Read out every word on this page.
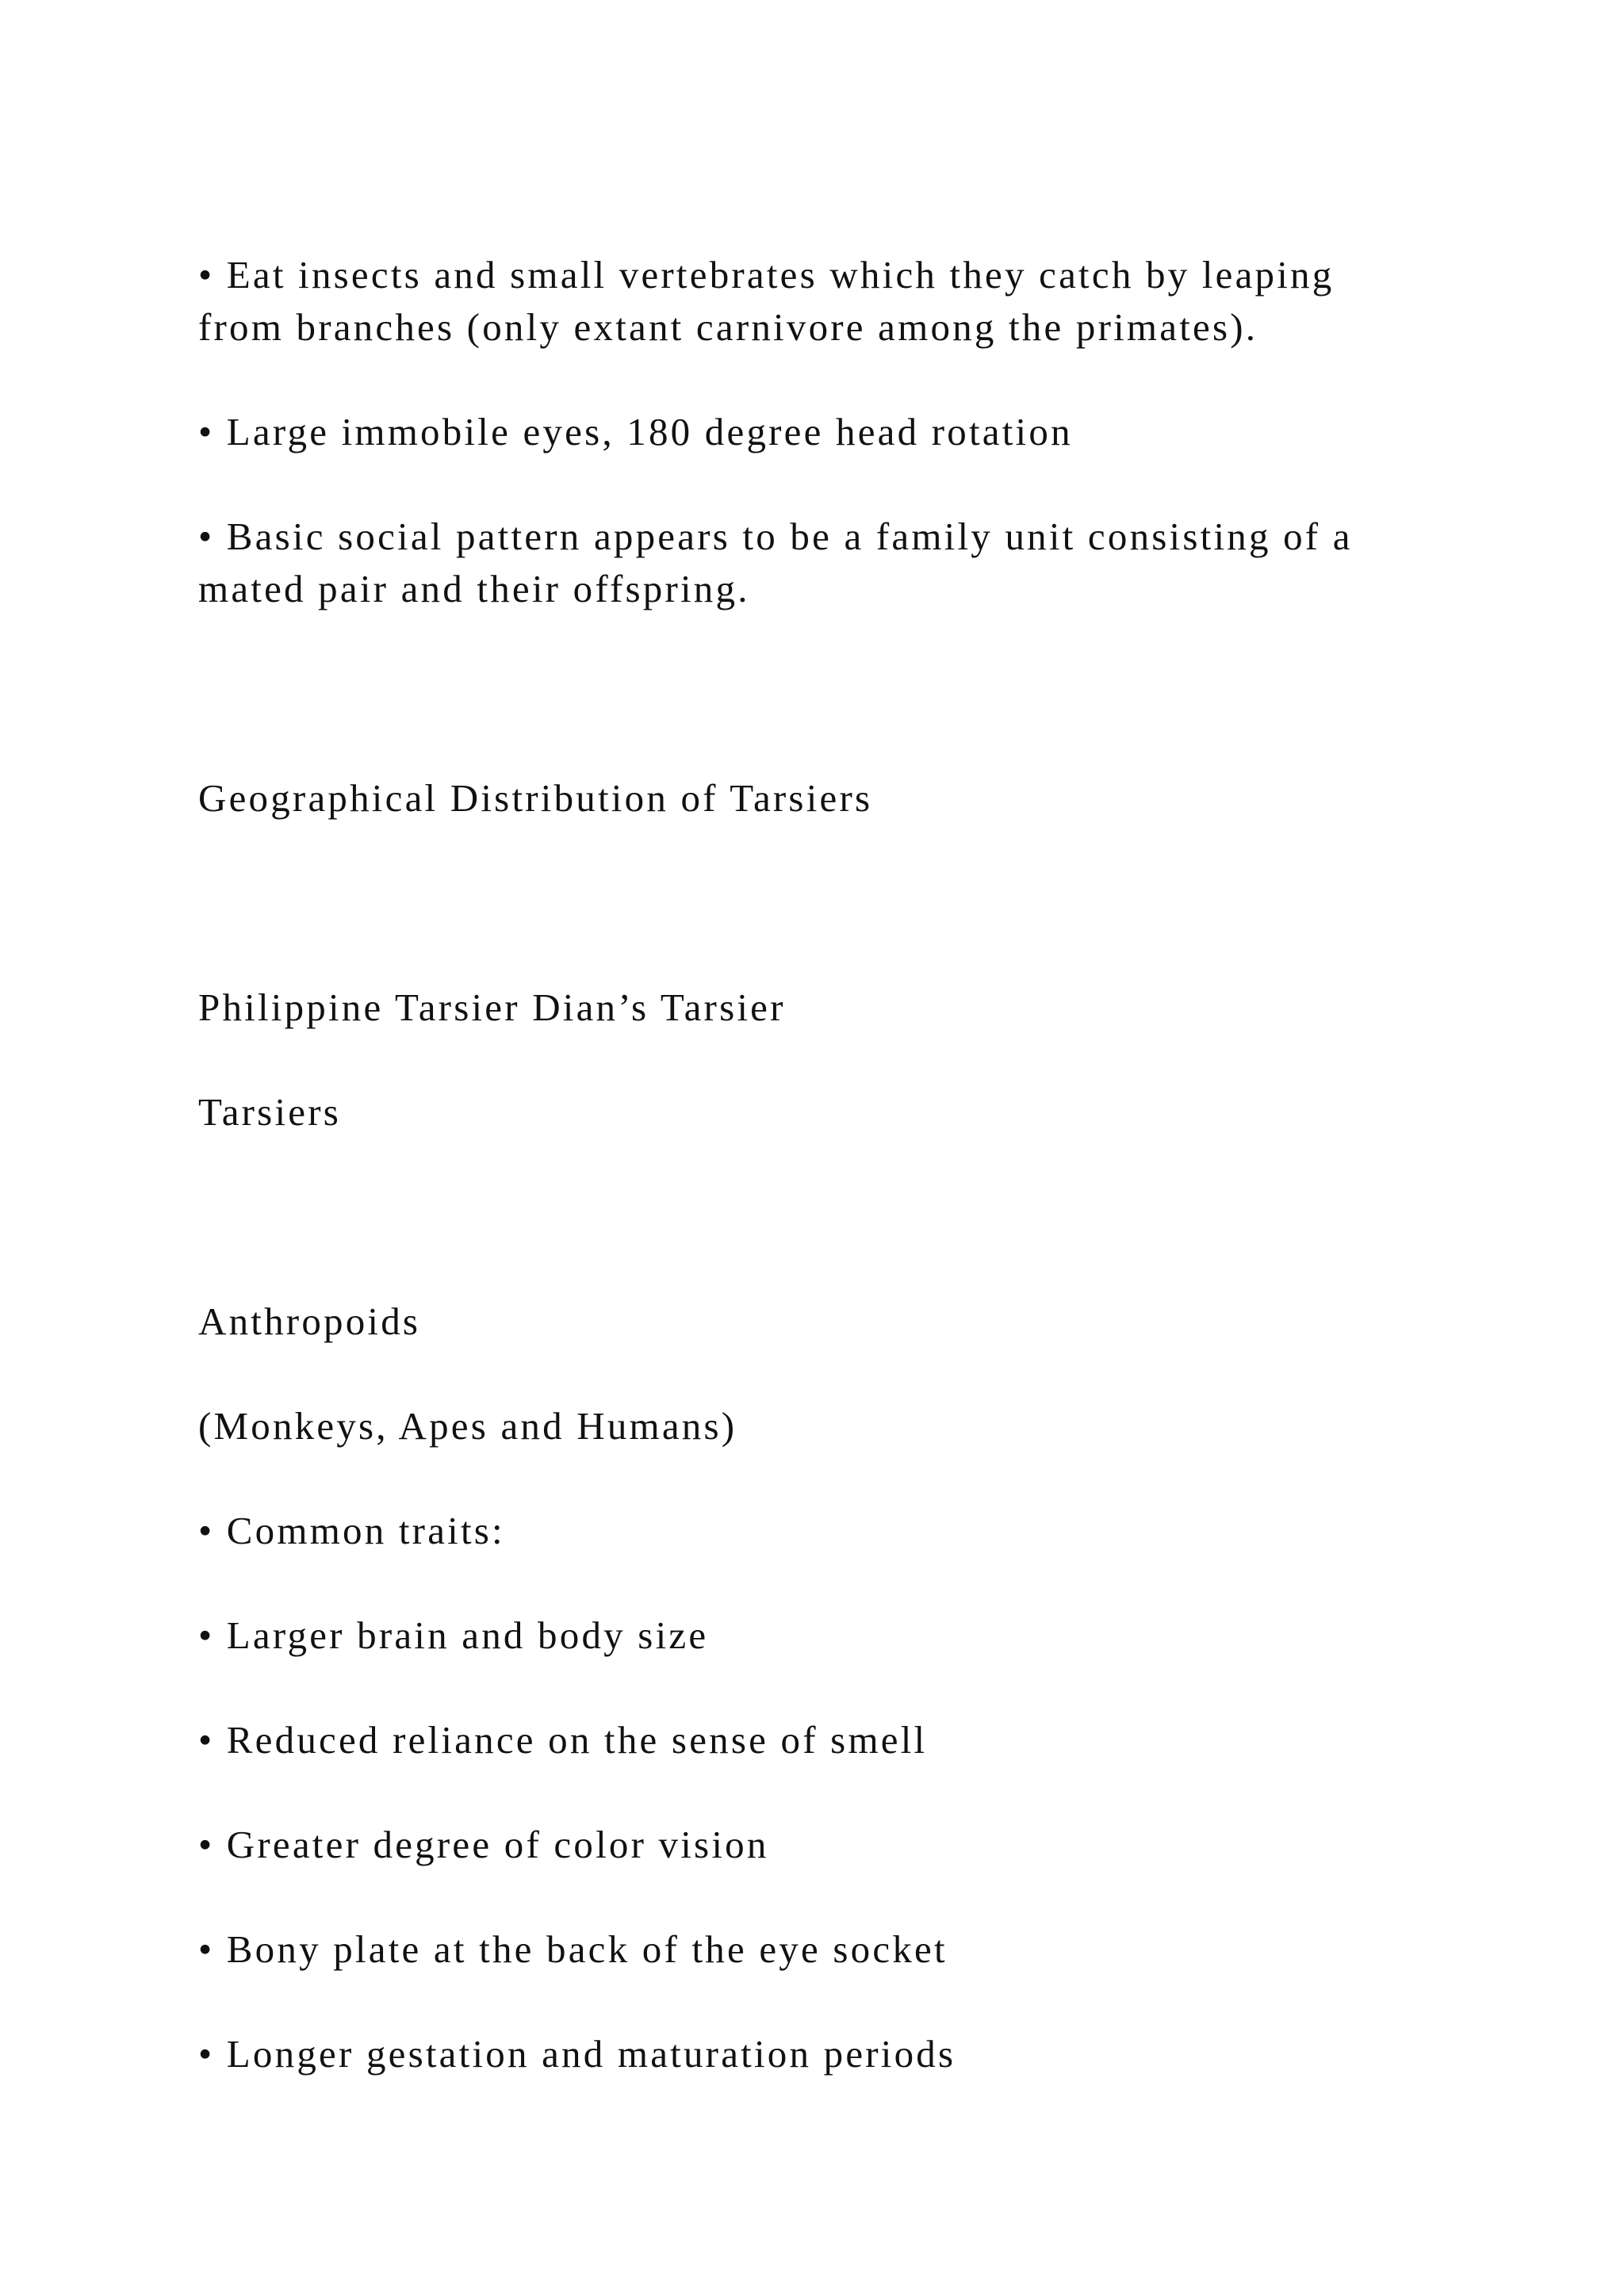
• Eat insects and small vertebrates which they catch by leaping

from branches (only extant carnivore among the primates).

• Large immobile eyes, 180 degree head rotation

• Basic social pattern appears to be a family unit consisting of a

mated pair and their offspring.

Geographical Distribution of Tarsiers

Philippine Tarsier Dian’s Tarsier

Tarsiers

Anthropoids

(Monkeys, Apes and Humans)

• Common traits:

• Larger brain and body size

• Reduced reliance on the sense of smell

• Greater degree of color vision

• Bony plate at the back of the eye socket

• Longer gestation and maturation periods
